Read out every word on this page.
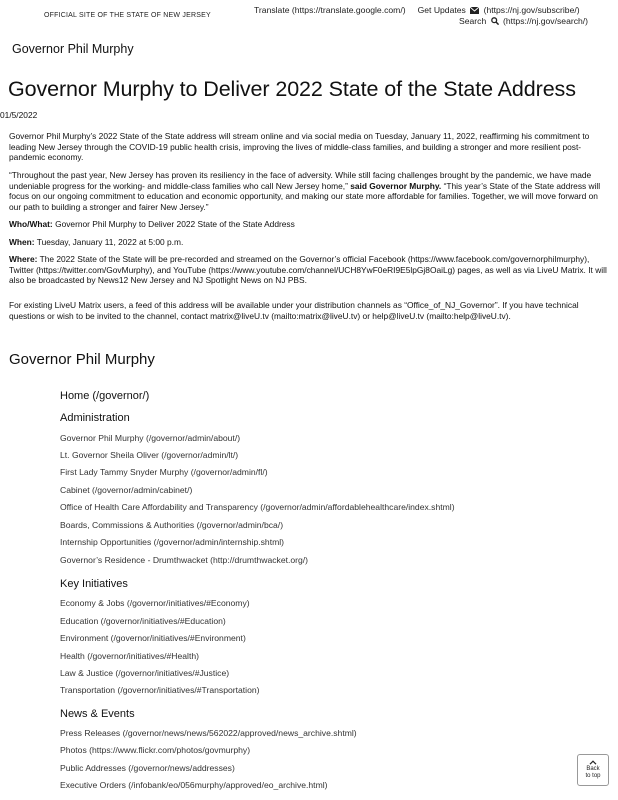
OFFICIAL SITE OF THE STATE OF NEW JERSEY
Translate (https://translate.google.com/) Get Updates (https://nj.gov/subscribe/)
Search (https://nj.gov/search/)
Governor Phil Murphy
Governor Murphy to Deliver 2022 State of the State Address
01/5/2022

Governor Phil Murphy’s 2022 State of the State address will stream online and via social media on Tuesday, January 11, 2022, reaffirming his commitment to leading New Jersey through the COVID-19 public health crisis, improving the lives of middle-class families, and building a stronger and more resilient post-pandemic economy.

“Throughout the past year, New Jersey has proven its resiliency in the face of adversity. While still facing challenges brought by the pandemic, we have made undeniable progress for the working- and middle-class families who call New Jersey home,” said Governor Murphy. “This year’s State of the State address will focus on our ongoing commitment to education and economic opportunity, and making our state more affordable for families. Together, we will move forward on our path to building a stronger and fairer New Jersey.”

Who/What: Governor Phil Murphy to Deliver 2022 State of the State Address

When: Tuesday, January 11, 2022 at 5:00 p.m.

Where: The 2022 State of the State will be pre-recorded and streamed on the Governor’s official Facebook (https://www.facebook.com/governorphilmurphy), Twitter (https://twitter.com/GovMurphy), and YouTube (https://www.youtube.com/channel/UCH8YwF0eRI9E5lpGj8OaiLg) pages, as well as via LiveU Matrix. It will also be broadcasted by News12 New Jersey and NJ Spotlight News on NJ PBS.

For existing LiveU Matrix users, a feed of this address will be available under your distribution channels as “Office_of_NJ_Governor”. If you have technical questions or wish to be invited to the channel, contact matrix@liveU.tv (mailto:matrix@liveU.tv) or help@liveU.tv (mailto:help@liveU.tv).

Governor Phil Murphy
Home (/governor/)
Administration
Governor Phil Murphy (/governor/admin/about/)
Lt. Governor Sheila Oliver (/governor/admin/lt/)
First Lady Tammy Snyder Murphy (/governor/admin/fl/)
Cabinet (/governor/admin/cabinet/)
Office of Health Care Affordability and Transparency (/governor/admin/affordablehealthcare/index.shtml)
Boards, Commissions & Authorities (/governor/admin/bca/)
Internship Opportunities (/governor/admin/internship.shtml)
Governor’s Residence - Drumthwacket (http://drumthwacket.org/)
Key Initiatives
Economy & Jobs (/governor/initiatives/#Economy)
Education (/governor/initiatives/#Education)
Environment (/governor/initiatives/#Environment)
Health (/governor/initiatives/#Health)
Law & Justice (/governor/initiatives/#Justice)
Transportation (/governor/initiatives/#Transportation)
News & Events
Press Releases (/governor/news/news/562022/approved/news_archive.shtml)
Photos (https://www.flickr.com/photos/govmurphy)
Public Addresses (/governor/news/addresses)
Executive Orders (/infobank/eo/056murphy/approved/eo_archive.html)
Back
to top
